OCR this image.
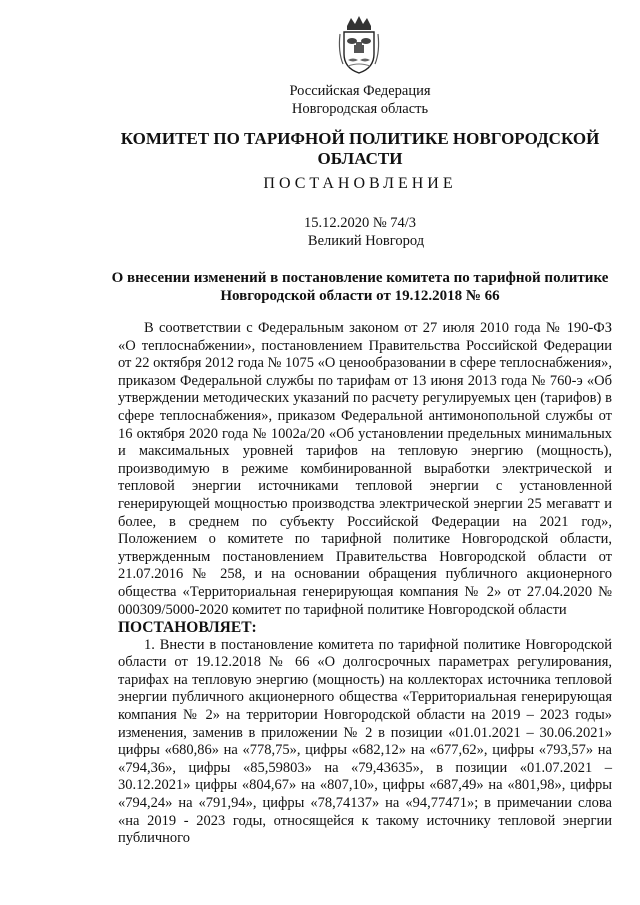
Российская Федерация
Новгородская область
КОМИТЕТ ПО ТАРИФНОЙ ПОЛИТИКЕ НОВГОРОДСКОЙ
ОБЛАСТИ
ПОСТАНОВЛЕНИЕ
15.12.2020 № 74/3
Великий Новгород
О внесении изменений в постановление комитета по тарифной политике
Новгородской области от 19.12.2018 № 66

В соответствии с Федеральным законом от 27 июля 2010 года № 190-ФЗ «О теплоснабжении», постановлением Правительства Российской Федерации от 22 октября 2012 года № 1075 «О ценообразовании в сфере теплоснабжения», приказом Федеральной службы по тарифам от 13 июня 2013 года № 760-э «Об утверждении методических указаний по расчету регулируемых цен (тарифов) в сфере теплоснабжения», приказом Федеральной антимонопольной службы от 16 октября 2020 года № 1002а/20 «Об установлении предельных минимальных и максимальных уровней тарифов на тепловую энергию (мощность), производимую в режиме комбинированной выработки электрической и тепловой энергии источниками тепловой энергии с установленной генерирующей мощностью производства электрической энергии 25 мегаватт и более, в среднем по субъекту Российской Федерации на 2021 год», Положением о комитете по тарифной политике Новгородской области, утвержденным постановлением Правительства Новгородской области от 21.07.2016 № 258, и на основании обращения публичного акционерного общества «Территориальная генерирующая компания № 2» от 27.04.2020 № 000309/5000-2020 комитет по тарифной политике Новгородской области

ПОСТАНОВЛЯЕТ:

1. Внести в постановление комитета по тарифной политике Новгородской области от 19.12.2018 № 66 «О долгосрочных параметрах регулирования, тарифах на тепловую энергию (мощность) на коллекторах источника тепловой энергии публичного акционерного общества «Территориальная генерирующая компания № 2» на территории Новгородской области на 2019 – 2023 годы» изменения, заменив в приложении № 2 в позиции «01.01.2021 – 30.06.2021» цифры «680,86» на «778,75», цифры «682,12» на «677,62», цифры «793,57» на «794,36», цифры «85,59803» на «79,43635», в позиции «01.07.2021 – 30.12.2021» цифры «804,67» на «807,10», цифры «687,49» на «801,98», цифры «794,24» на «791,94», цифры «78,74137» на «94,77471»; в примечании слова «на 2019 - 2023 годы, относящейся к такому источнику тепловой энергии публичного
